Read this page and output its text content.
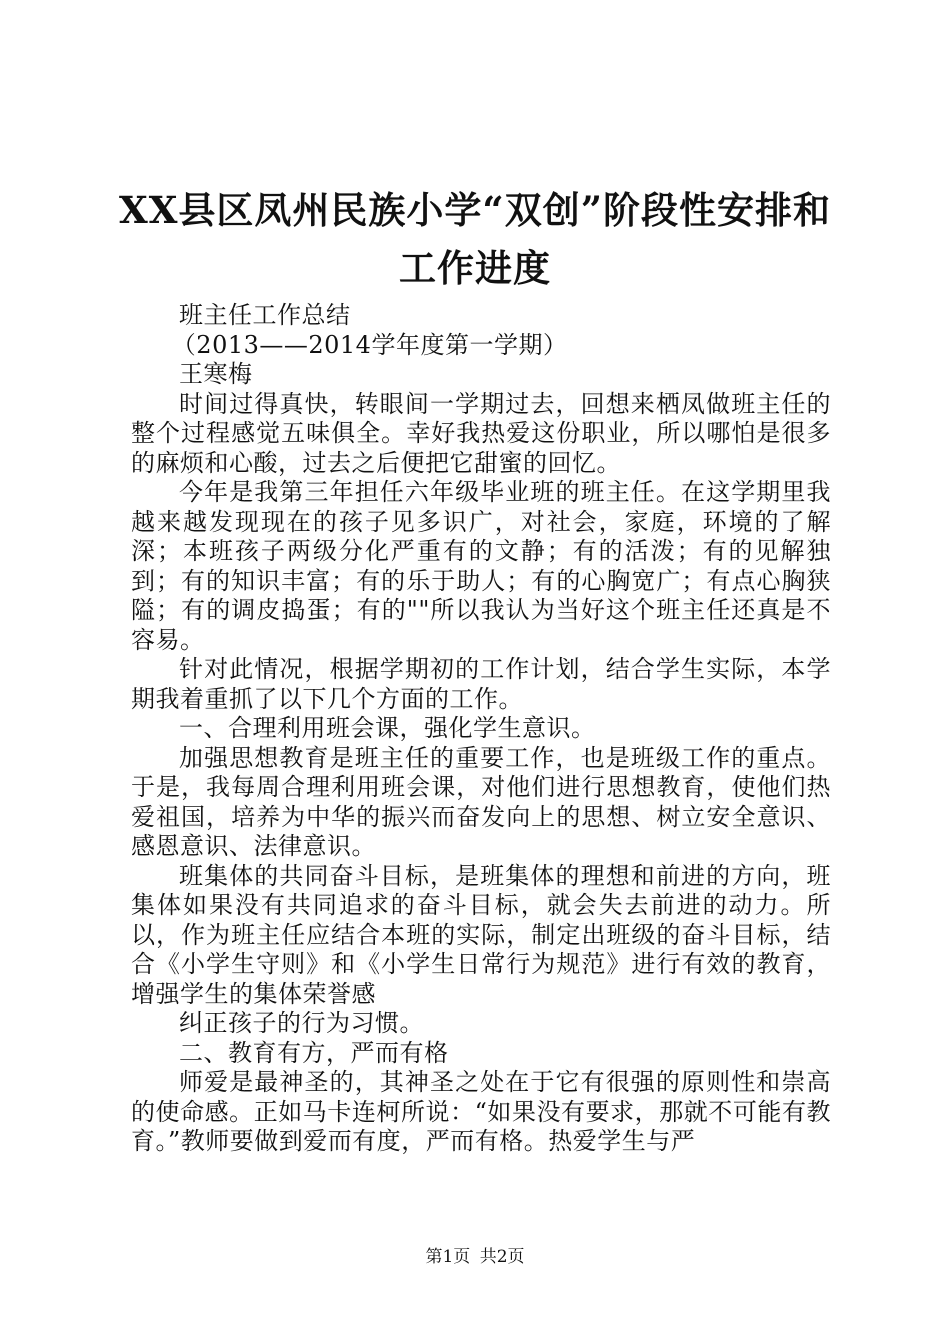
XX县区凤州民族小学“双创”阶段性安排和
工作进度

班主任工作总结

（2013——2014学年度第一学期）

王寒梅

时间过得真快，转眼间一学期过去，回想来栖凤做班主任的整个过程感觉五味俱全。幸好我热爱这份职业，所以哪怕是很多的麻烦和心酸，过去之后便把它甜蜜的回忆。

今年是我第三年担任六年级毕业班的班主任。在这学期里我越来越发现现在的孩子见多识广，对社会，家庭，环境的了解深；本班孩子两级分化严重有的文静；有的活泼；有的见解独到；有的知识丰富；有的乐于助人；有的心胸宽广；有点心胸狭隘；有的调皮捣蛋；有的""所以我认为当好这个班主任还真是不容易。

针对此情况，根据学期初的工作计划，结合学生实际，本学期我着重抓了以下几个方面的工作。

一、合理利用班会课，强化学生意识。

加强思想教育是班主任的重要工作，也是班级工作的重点。于是，我每周合理利用班会课，对他们进行思想教育，使他们热爱祖国，培养为中华的振兴而奋发向上的思想、树立安全意识、感恩意识、法律意识。

班集体的共同奋斗目标，是班集体的理想和前进的方向，班集体如果没有共同追求的奋斗目标，就会失去前进的动力。所以，作为班主任应结合本班的实际，制定出班级的奋斗目标，结合《小学生守则》和《小学生日常行为规范》进行有效的教育，增强学生的集体荣誉感

纠正孩子的行为习惯。

二、教育有方，严而有格

师爱是最神圣的，其神圣之处在于它有很强的原则性和崇高的使命感。正如马卡连柯所说：“如果没有要求，那就不可能有教育。”教师要做到爱而有度，严而有格。热爱学生与严

第1页 共2页
